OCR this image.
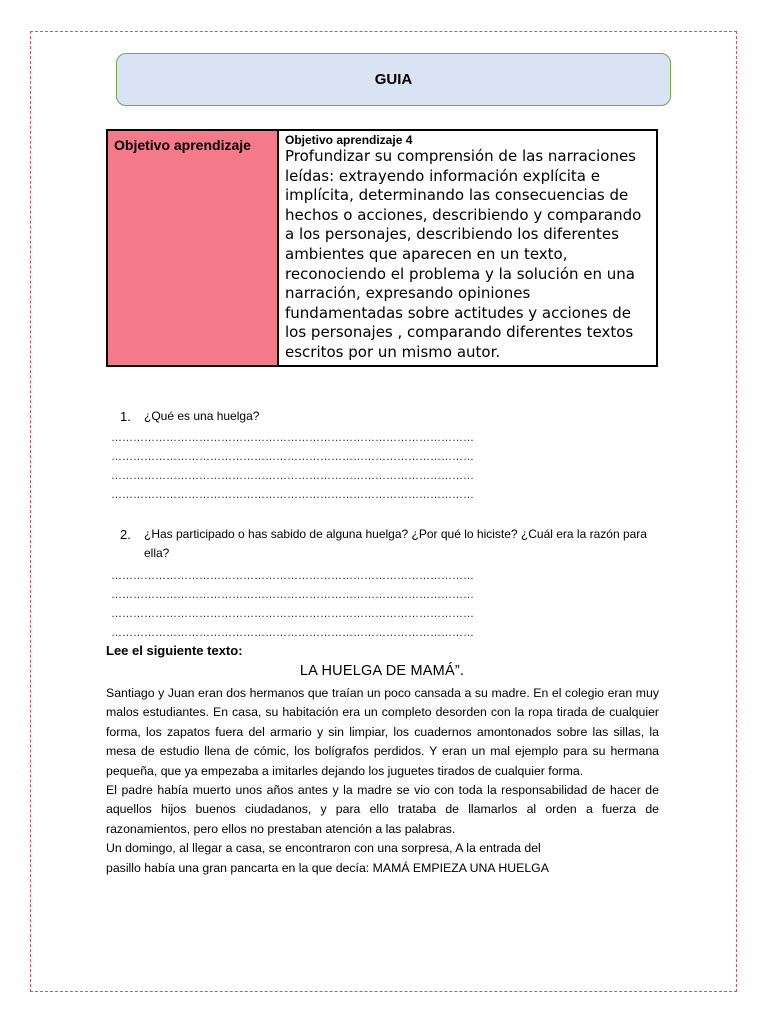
GUIA
Objetivo aprendizaje	Objetivo aprendizaje 4
Profundizar su comprensión de las narraciones leídas: extrayendo información explícita e implícita, determinando las consecuencias de hechos o acciones, describiendo y comparando a los personajes, describiendo los diferentes ambientes que aparecen en un texto, reconociendo el problema y la solución en una narración, expresando opiniones fundamentadas sobre actitudes y acciones de los personajes , comparando diferentes textos escritos por un mismo autor.
1. ¿Qué es una huelga?
………………………………………………………………………………………
………………………………………………………………………………………
………………………………………………………………………………………
………………………………………………………………………………………
2. ¿Has participado o has sabido de alguna huelga? ¿Por qué lo hiciste? ¿Cuál era la razón para ella?
………………………………………………………………………………………
………………………………………………………………………………………
………………………………………………………………………………………
………………………………………………………………………………………
Lee el siguiente texto:
LA HUELGA DE MAMÁ”.

Santiago y Juan eran dos hermanos que traían un poco cansada a su madre. En el colegio eran muy malos estudiantes. En casa, su habitación era un completo desorden con la ropa tirada de cualquier forma, los zapatos fuera del armario y sin limpiar, los cuadernos amontonados sobre las sillas, la mesa de estudio llena de cómic, los bolígrafos perdidos. Y eran un mal ejemplo para su hermana pequeña, que ya empezaba a imitarles dejando los juguetes tirados de cualquier forma.

El padre había muerto unos años antes y la madre se vio con toda la responsabilidad de hacer de aquellos hijos buenos ciudadanos, y para ello trataba de llamarlos al orden a fuerza de razonamientos, pero ellos no prestaban atención a las palabras.

Un domingo, al llegar a casa, se encontraron con una sorpresa, A la entrada del

pasillo había una gran pancarta en la que decía: MAMÁ EMPIEZA UNA HUELGA
